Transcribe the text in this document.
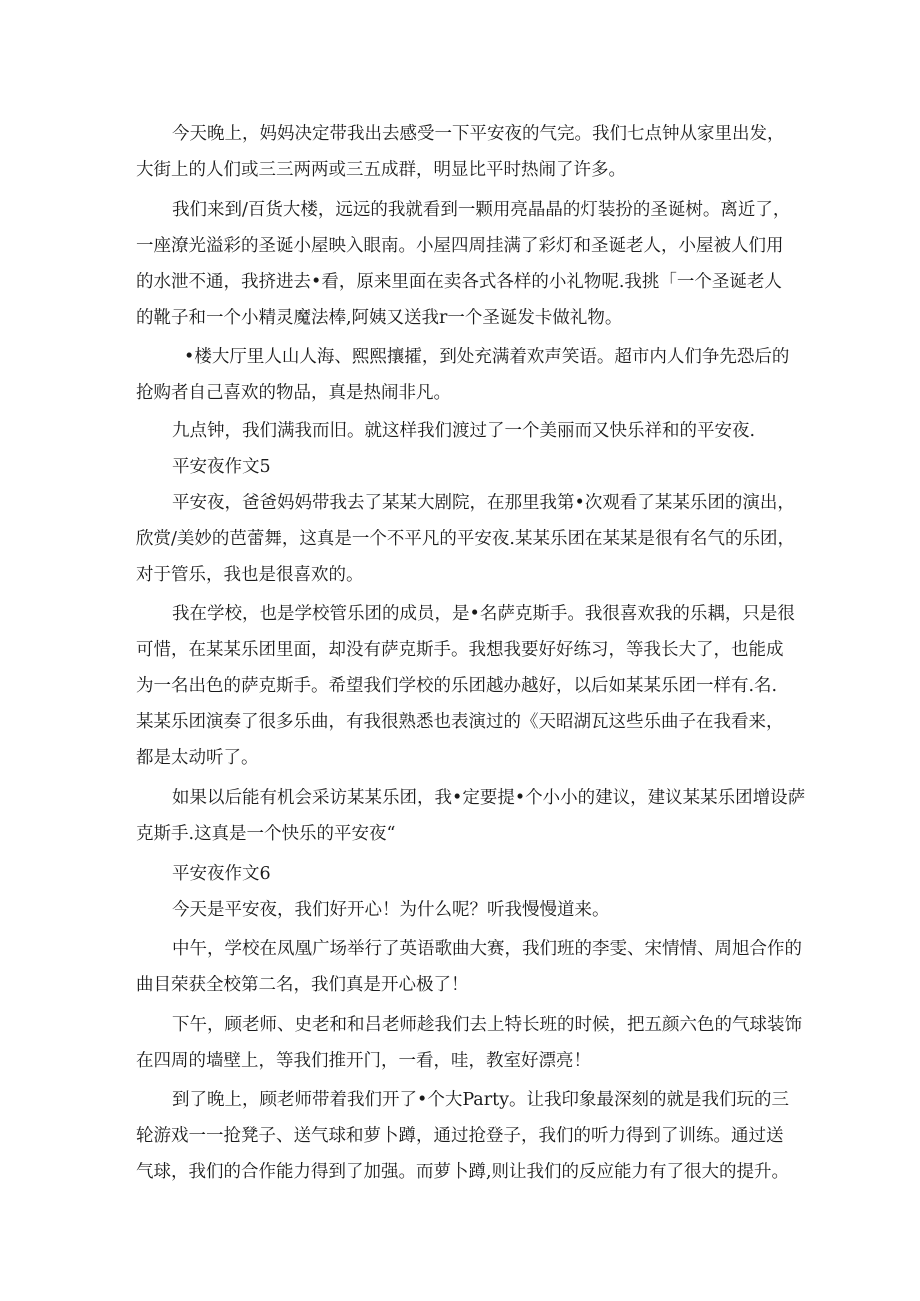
今天晚上，妈妈决定带我出去感受一下平安夜的气完。我们七点钟从家里出发，
大街上的人们或三三两两或三五成群，明显比平时热闹了许多。
我们来到/百货大楼，远远的我就看到一颗用亮晶晶的灯装扮的圣诞树。离近了，
一座潦光溢彩的圣诞小屋映入眼南。小屋四周挂满了彩灯和圣诞老人，小屋被人们用
的水泄不通，我挤进去•看，原来里面在卖各式各样的小礼物呢.我挑「一个圣诞老人
的靴子和一个小精灵魔法棒,阿姨又送我r一个圣诞发卡做礼物。
•楼大厅里人山人海、熙熙攘攉，到处充满着欢声笑语。超市内人们争先恐后的
抢购者自己喜欢的物品，真是热闹非凡。
九点钟，我们满我而旧。就这样我们渡过了一个美丽而又快乐祥和的平安夜.
平安夜作文5
平安夜，爸爸妈妈带我去了某某大剧院，在那里我第•次观看了某某乐团的演出，
欣赏/美妙的芭蕾舞，这真是一个不平凡的平安夜.某某乐团在某某是很有名气的乐团，
对于管乐，我也是很喜欢的。
我在学校，也是学校管乐团的成员，是•名萨克斯手。我很喜欢我的乐耦，只是很
可惜，在某某乐团里面，却没有萨克斯手。我想我要好好练习，等我长大了，也能成
为一名出色的萨克斯手。希望我们学校的乐团越办越好，以后如某某乐团一样有.名.
某某乐团演奏了很多乐曲，有我很熟悉也表演过的《天昭湖瓦这些乐曲子在我看来，
都是太动听了。
如果以后能有机会采访某某乐团，我•定要提•个小小的建议，建议某某乐团增设萨
克斯手.这真是一个快乐的平安夜“
平安夜作文6
今天是平安夜，我们好开心！为什么呢？听我慢慢道来。
中午，学校在凤凰广场举行了英语歌曲大赛，我们班的李雯、宋情情、周旭合作的
曲目荣获全校第二名，我们真是开心极了！
下午，顾老师、史老和和吕老师趁我们去上特长班的时候，把五颜六色的气球装饰
在四周的墙壁上，等我们推开门，一看，哇，教室好漂亮！
到了晚上，顾老师带着我们开了•个大Party。让我印象最深刻的就是我们玩的三
轮游戏一一抢凳子、送气球和萝卜蹲，通过抢登子，我们的听力得到了训练。通过送
气球，我们的合作能力得到了加强。而萝卜蹲,则让我们的反应能力有了很大的提升。
